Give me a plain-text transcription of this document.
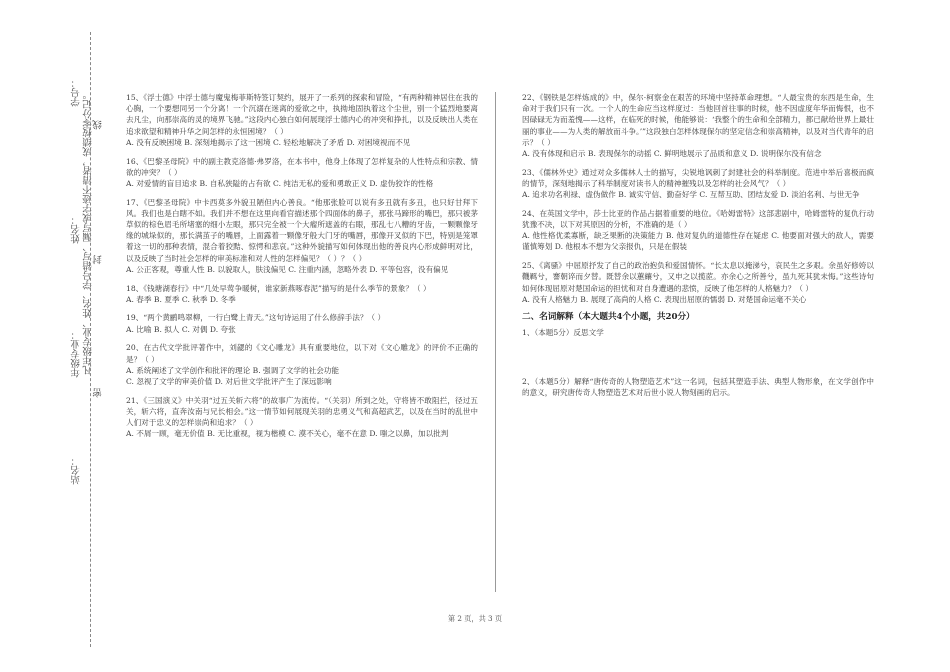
学号：
姓名：
年级专业：
站名：
凡年级专业、姓名、学号错写、漏写或字迹不清者，成绩按零分记。 线
封
密

15、《浮士德》中浮士德与魔鬼梅菲斯特签订契约，展开了一系列的探索和冒险，“有两种精神居住在我的心胸，一个要想同另一个分离！一个沉溺在迷离的爱欲之中，执拗地固执着这个尘世，别一个猛烈地要离去凡尘，向那崇高的灵的境界飞驰。”这段内心独白如何展现浮士德内心的冲突和挣扎，以及反映出人类在追求欲望和精神升华之间怎样的永恒困境？（ ）

A. 没有反映困境 B. 深刻地揭示了这一困境 C. 轻松地解决了矛盾 D. 对困境视而不见

16、《巴黎圣母院》中的副主教克洛德·弗罗洛，在本书中，他身上体现了怎样复杂的人性特点和宗教、情欲的冲突？（ ）

A. 对爱情的盲目追求 B. 自私狭隘的占有欲 C. 纯洁无私的爱和勇敢正义 D. 虚伪狡诈的性格

17、《巴黎圣母院》中卡西莫多外貌丑陋但内心善良。“他那张脸可以说有多丑就有多丑，也只好甘拜下风。我们也是白瞎不如。我们并不想在这里向看官描述那个四面体的鼻子，那张马蹄形的嘴巴，那只被茅草似的棕色眉毛所堵塞的细小左眼，那只完全被一个大瘤所遮盖的右眼，那乱七八糟的牙齿，一颗颗像牙缘的城垛似的，那长满茧子的嘴唇，上面露着一颗像牙般大门牙的嘴唇，那像开叉似的下巴，特别是笼罩着这一切的那种表情，混合着狡黠、惊愕和悲哀。”这种外貌描写如何体现出他的善良内心形成鲜明对比，以及反映了当时社会怎样的审美标准和对人性的怎样偏见？（ ）？（ ）

A. 公正客观，尊重人性 B. 以貌取人，肤浅偏见 C. 注重内涵，忽略外表 D. 平等包容，没有偏见

18、《钱塘湖春行》中“几处早莺争暖树，谁家新燕啄春泥”描写的是什么季节的景象？（ ）

A. 春季 B. 夏季 C. 秋季 D. 冬季

19、“两个黄鹂鸣翠柳，一行白鹭上青天。”这句诗运用了什么修辞手法？（ ）

A. 比喻 B. 拟人 C. 对偶 D. 夸张

20、在古代文学批评著作中，刘勰的《文心雕龙》具有重要地位，以下对《文心雕龙》的评价不正确的是？（ ）

A. 系统阐述了文学创作和批评的理论 B. 强调了文学的社会功能
C. 忽视了文学的审美价值 D. 对后世文学批评产生了深远影响

21、《三国演义》中关羽“过五关斩六将”的故事广为流传。“（关羽）所到之处，守将皆不敢阻拦，径过五关，斩六将，直奔汝南与兄长相会。”这一情节如何展现关羽的忠勇义气和高超武艺，以及在当时的乱世中人们对于忠义的怎样崇尚和追求？（ ）

A. 不屑一顾，毫无价值 B. 无比重视，视为楷模 C. 漠不关心，毫不在意 D. 嗤之以鼻，加以批判

22、《钢铁是怎样炼成的》中，保尔·柯察金在艰苦的环境中坚持革命理想。“人最宝贵的东西是生命，生命对于我们只有一次。一个人的生命应当这样度过：当他回首往事的时候，他不因虚度年华而悔恨，也不因碌碌无为而羞愧——这样，在临死的时候，他能够说：‘我整个的生命和全部精力，都已献给世界上最壮丽的事业——为人类的解放而斗争。’”这段独白怎样体现保尔的坚定信念和崇高精神，以及对当代青年的启示？（ ）

A. 没有体现和启示 B. 表现保尔的动摇 C. 鲜明地展示了品质和意义 D. 说明保尔没有信念

23、《儒林外史》通过对众多儒林人士的描写，尖锐地讽刺了封建社会的科举制度。范进中举后喜极而疯的情节，深刻地揭示了科举制度对读书人的精神摧残以及怎样的社会风气？（ ）

A. 追求功名利禄、虚伪做作 B. 诚实守信、勤奋好学 C. 互帮互助、团结友爱 D. 淡泊名利、与世无争

24、在英国文学中，莎士比亚的作品占据着重要的地位。《哈姆雷特》这部悲剧中，哈姆雷特的复仇行动犹豫不决，以下对其原因的分析，不准确的是（ ）

A. 他性格优柔寡断，缺乏果断的决策能力 B. 他对复仇的道德性存在疑虑 C. 他要面对强大的敌人，需要谨慎筹划 D. 他根本不想为父亲报仇，只是在假装

25、《离骚》中屈原抒发了自己的政治抱负和爱国情怀。“长太息以掩涕兮，哀民生之多艰。余虽好修姱以鞿羁兮，謇朝谇而夕替。既替余以蕙纕兮，又申之以揽茝。亦余心之所善兮，虽九死其犹未悔。”这些诗句如何体现屈原对楚国命运的担忧和对自身遭遇的悲愤，反映了他怎样的人格魅力？（ ）

A. 没有人格魅力 B. 展现了高尚的人格 C. 表现出屈原的懦弱 D. 对楚国命运毫不关心

二、名词解释（本大题共4个小题，共20分）
1、（本题5分）反思文学
2、（本题5分）解释“唐传奇的人物塑造艺术”这一名词，包括其塑造手法、典型人物形象，在文学创作中的意义，研究唐传奇人物塑造艺术对后世小说人物刻画的启示。
第 2 页，共 3 页
